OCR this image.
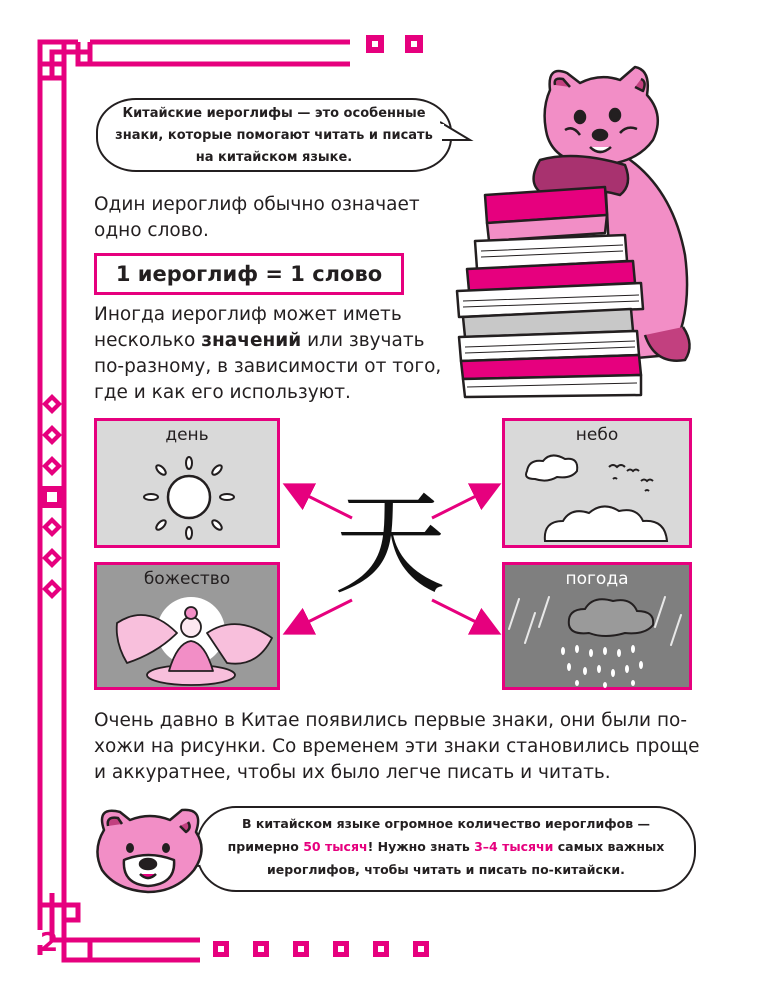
2
Китайские иероглифы — это особенные
знаки, которые помогают читать и писать
на китайском языке.
Один иероглиф обычно означает
одно слово.
1 иероглиф = 1 слово
Иногда иероглиф может иметь
несколько значений или звучать
по-разному, в зависимости от того,
где и как его используют.
день	небо
божество	погода
天
Очень давно в Китае появились первые знаки, они были по-
хожи на рисунки. Со временем эти знаки становились проще
и аккуратнее, чтобы их было легче писать и читать.
В китайском языке огромное количество иероглифов —
примерно 50 тысяч! Нужно знать 3–4 тысячи самых важных
иероглифов, чтобы читать и писать по-китайски.
